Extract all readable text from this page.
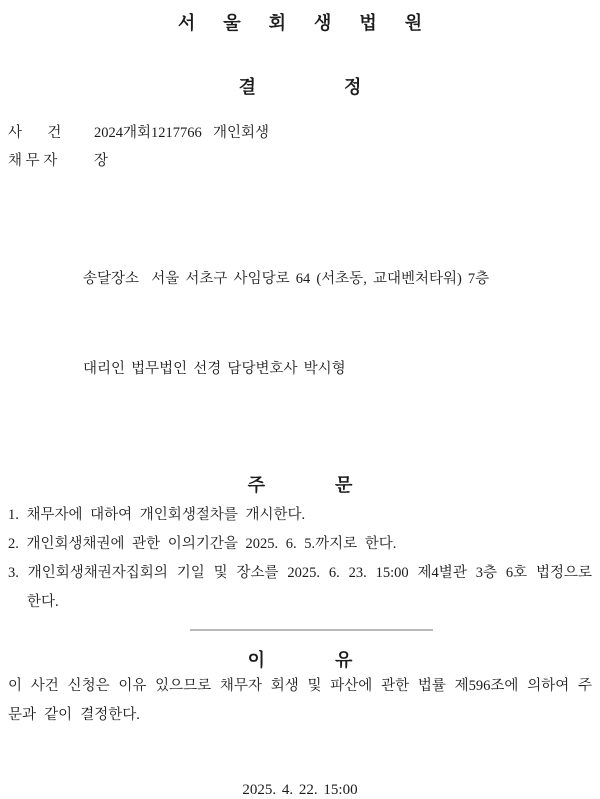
서울회생법원
결정
사       건	2024개회1217766  개인회생
채 무 자	장

송달장소  서울 서초구 사임당로 64 (서초동, 교대벤처타워) 7층

대리인 법무법인 선경 담당변호사 박시형

주문
1. 채무자에 대하여 개인회생절차를 개시한다.
2. 개인회생채권에 관한 이의기간을 2025. 6. 5.까지로 한다.
3. 개인회생채권자집회의 기일 및 장소를 2025. 6. 23. 15:00 제4별관 3층 6호 법정으로 한다.
이유
이 사건 신청은 이유 있으므로 채무자 회생 및 파산에 관한 법률 제596조에 의하여 주문과 같이 결정한다.
2025. 4. 22. 15:00
